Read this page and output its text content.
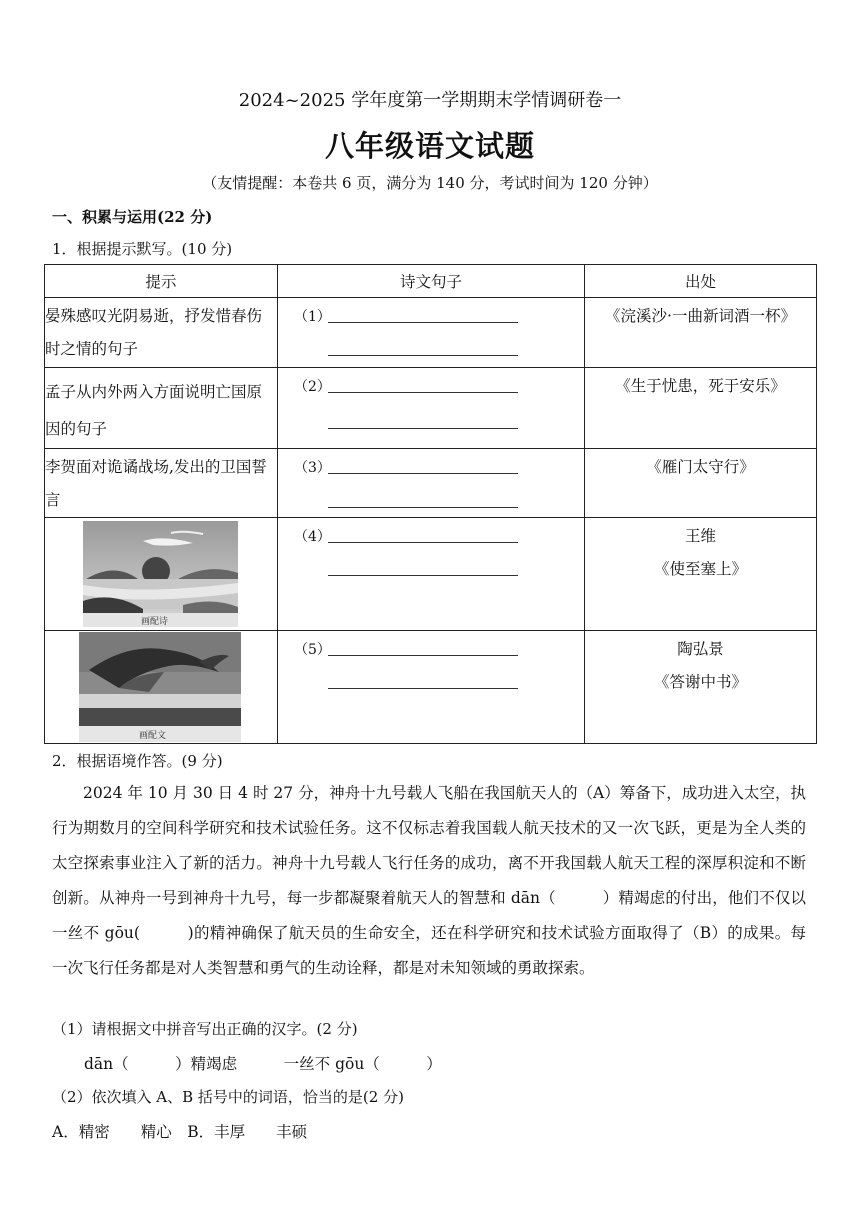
2024~2025 学年度第一学期期末学情调研卷一
八年级语文试题
（友情提醒：本卷共 6 页，满分为 140 分，考试时间为 120 分钟）
一、积累与运用(22 分)
1．根据提示默写。(10 分)
提示	诗文句子	出处
晏殊感叹光阴易逝，抒发惜春伤时之情的句子	（1）	《浣溪沙·一曲新词酒一杯》

孟子从内外两入方面说明亡国原因的句子	（2）	《生于忧患，死于安乐》

李贺面对诡谲战场,发出的卫国誓言	（3）	《雁门太守行》

画配诗	（4）	王维
《使至塞上》

画配文	（5）	陶弘景
《答谢中书》
2．根据语境作答。(9 分)

2024 年 10 月 30 日 4 时 27 分，神舟十九号载人飞船在我国航天人的（A）筹备下，成功进入太空，执行为期数月的空间科学研究和技术试验任务。这不仅标志着我国载人航天技术的又一次飞跃，更是为全人类的太空探索事业注入了新的活力。神舟十九号载人飞行任务的成功，离不开我国载人航天工程的深厚积淀和不断创新。从神舟一号到神舟十九号，每一步都凝聚着航天人的智慧和 dān（　　　）精竭虑的付出，他们不仅以一丝不 gōu(　　　)的精神确保了航天员的生命安全，还在科学研究和技术试验方面取得了（B）的成果。每一次飞行任务都是对人类智慧和勇气的生动诠释，都是对未知领域的勇敢探索。

（1）请根据文中拼音写出正确的汉字。(2 分)
dān（　　　）精竭虑　　　一丝不 gōu（　　　）
（2）依次填入 A、B 括号中的词语，恰当的是(2 分)
A．精密　　精心　B．丰厚　　丰硕
